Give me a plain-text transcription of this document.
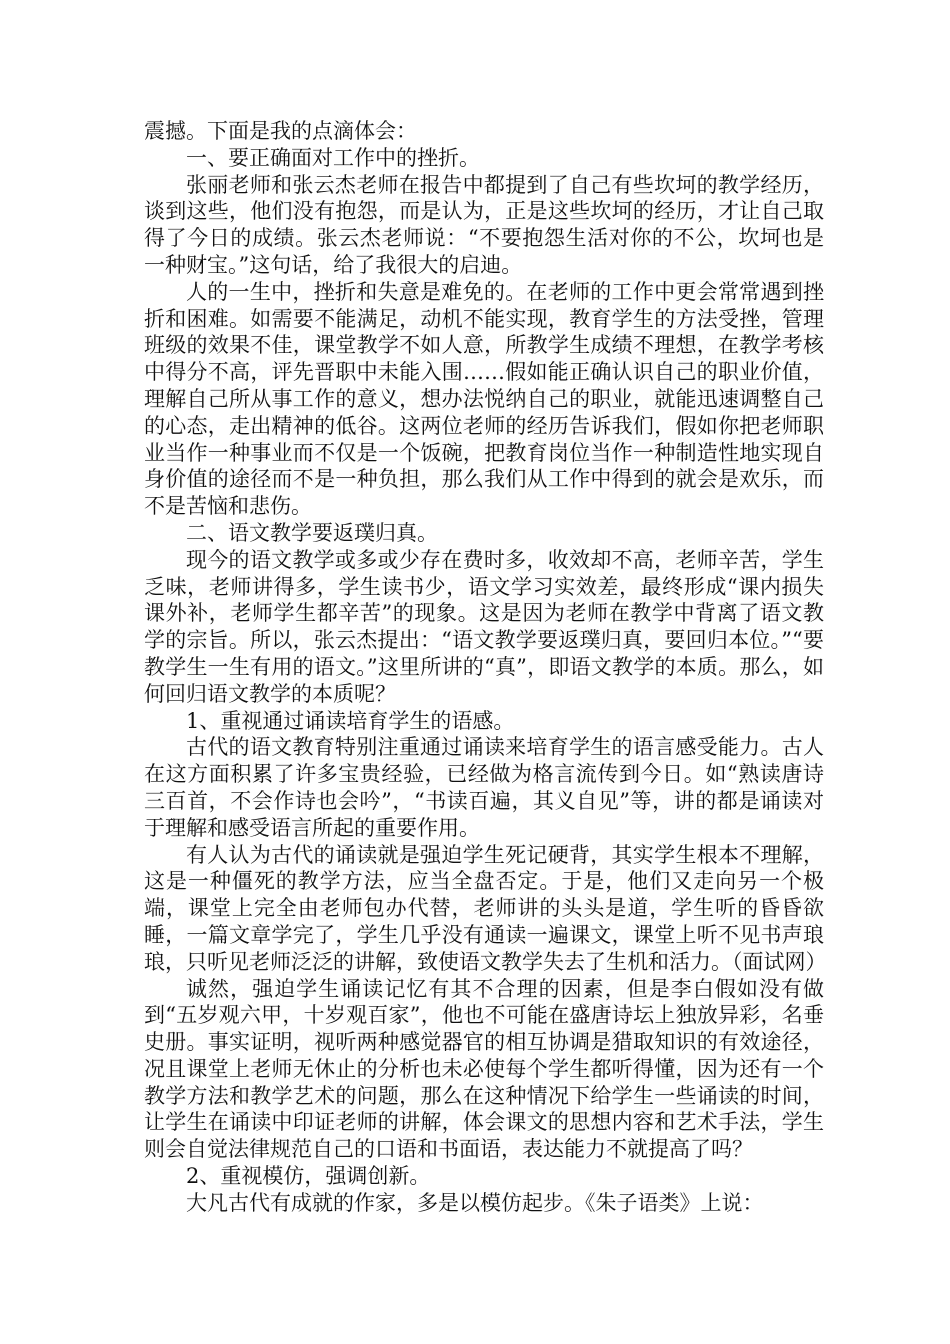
震撼。下面是我的点滴体会：

一、要正确面对工作中的挫折。

张丽老师和张云杰老师在报告中都提到了自己有些坎坷的教学经历，谈到这些，他们没有抱怨，而是认为，正是这些坎坷的经历，才让自己取得了今日的成绩。张云杰老师说：“不要抱怨生活对你的不公，坎坷也是一种财宝。”这句话，给了我很大的启迪。

人的一生中，挫折和失意是难免的。在老师的工作中更会常常遇到挫折和困难。如需要不能满足，动机不能实现，教育学生的方法受挫，管理班级的效果不佳，课堂教学不如人意，所教学生成绩不理想，在教学考核中得分不高，评先晋职中未能入围……假如能正确认识自己的职业价值，理解自己所从事工作的意义，想办法悦纳自己的职业，就能迅速调整自己的心态，走出精神的低谷。这两位老师的经历告诉我们，假如你把老师职业当作一种事业而不仅是一个饭碗，把教育岗位当作一种制造性地实现自身价值的途径而不是一种负担，那么我们从工作中得到的就会是欢乐，而不是苦恼和悲伤。

二、语文教学要返璞归真。

现今的语文教学或多或少存在费时多，收效却不高，老师辛苦，学生乏味，老师讲得多，学生读书少，语文学习实效差，最终形成“课内损失课外补，老师学生都辛苦”的现象。这是因为老师在教学中背离了语文教学的宗旨。所以，张云杰提出：“语文教学要返璞归真，要回归本位。”“要教学生一生有用的语文。”这里所讲的“真”，即语文教学的本质。那么，如何回归语文教学的本质呢？

1、重视通过诵读培育学生的语感。

古代的语文教育特别注重通过诵读来培育学生的语言感受能力。古人在这方面积累了许多宝贵经验，已经做为格言流传到今日。如“熟读唐诗三百首，不会作诗也会吟”，“书读百遍，其义自见”等，讲的都是诵读对于理解和感受语言所起的重要作用。

有人认为古代的诵读就是强迫学生死记硬背，其实学生根本不理解，这是一种僵死的教学方法，应当全盘否定。于是，他们又走向另一个极端，课堂上完全由老师包办代替，老师讲的头头是道，学生听的昏昏欲睡，一篇文章学完了，学生几乎没有通读一遍课文，课堂上听不见书声琅琅，只听见老师泛泛的讲解，致使语文教学失去了生机和活力。（面试网）

诚然，强迫学生诵读记忆有其不合理的因素，但是李白假如没有做到“五岁观六甲，十岁观百家”，他也不可能在盛唐诗坛上独放异彩，名垂史册。事实证明，视听两种感觉器官的相互协调是猎取知识的有效途径，况且课堂上老师无休止的分析也未必使每个学生都听得懂，因为还有一个教学方法和教学艺术的问题，那么在这种情况下给学生一些诵读的时间，让学生在诵读中印证老师的讲解，体会课文的思想内容和艺术手法，学生则会自觉法律规范自己的口语和书面语，表达能力不就提高了吗？

2、重视模仿，强调创新。

大凡古代有成就的作家，多是以模仿起步。《朱子语类》上说：
